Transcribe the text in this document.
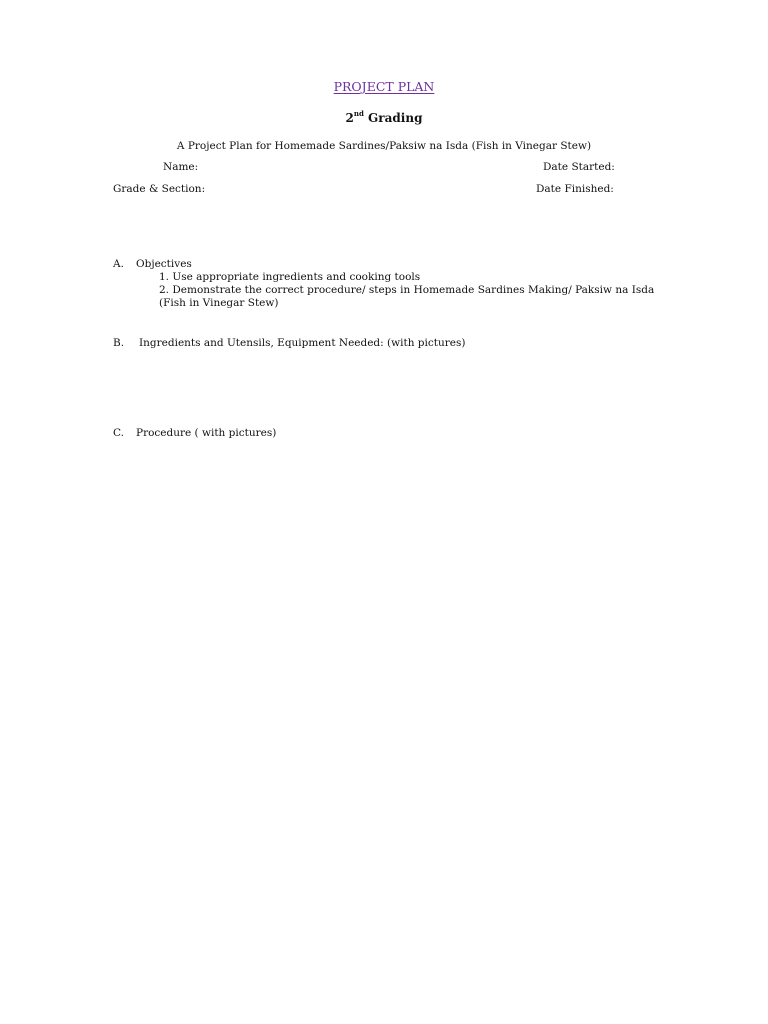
PROJECT PLAN
2nd Grading
A Project Plan for Homemade Sardines/Paksiw na Isda (Fish in Vinegar Stew)
Name:	Date Started:
Grade & Section:	Date Finished:
A. Objectives
1. Use appropriate ingredients and cooking tools
2. Demonstrate the correct procedure/ steps in Homemade Sardines Making/ Paksiw na Isda
(Fish in Vinegar Stew)
B. Ingredients and Utensils, Equipment Needed: (with pictures)
C. Procedure ( with pictures)
